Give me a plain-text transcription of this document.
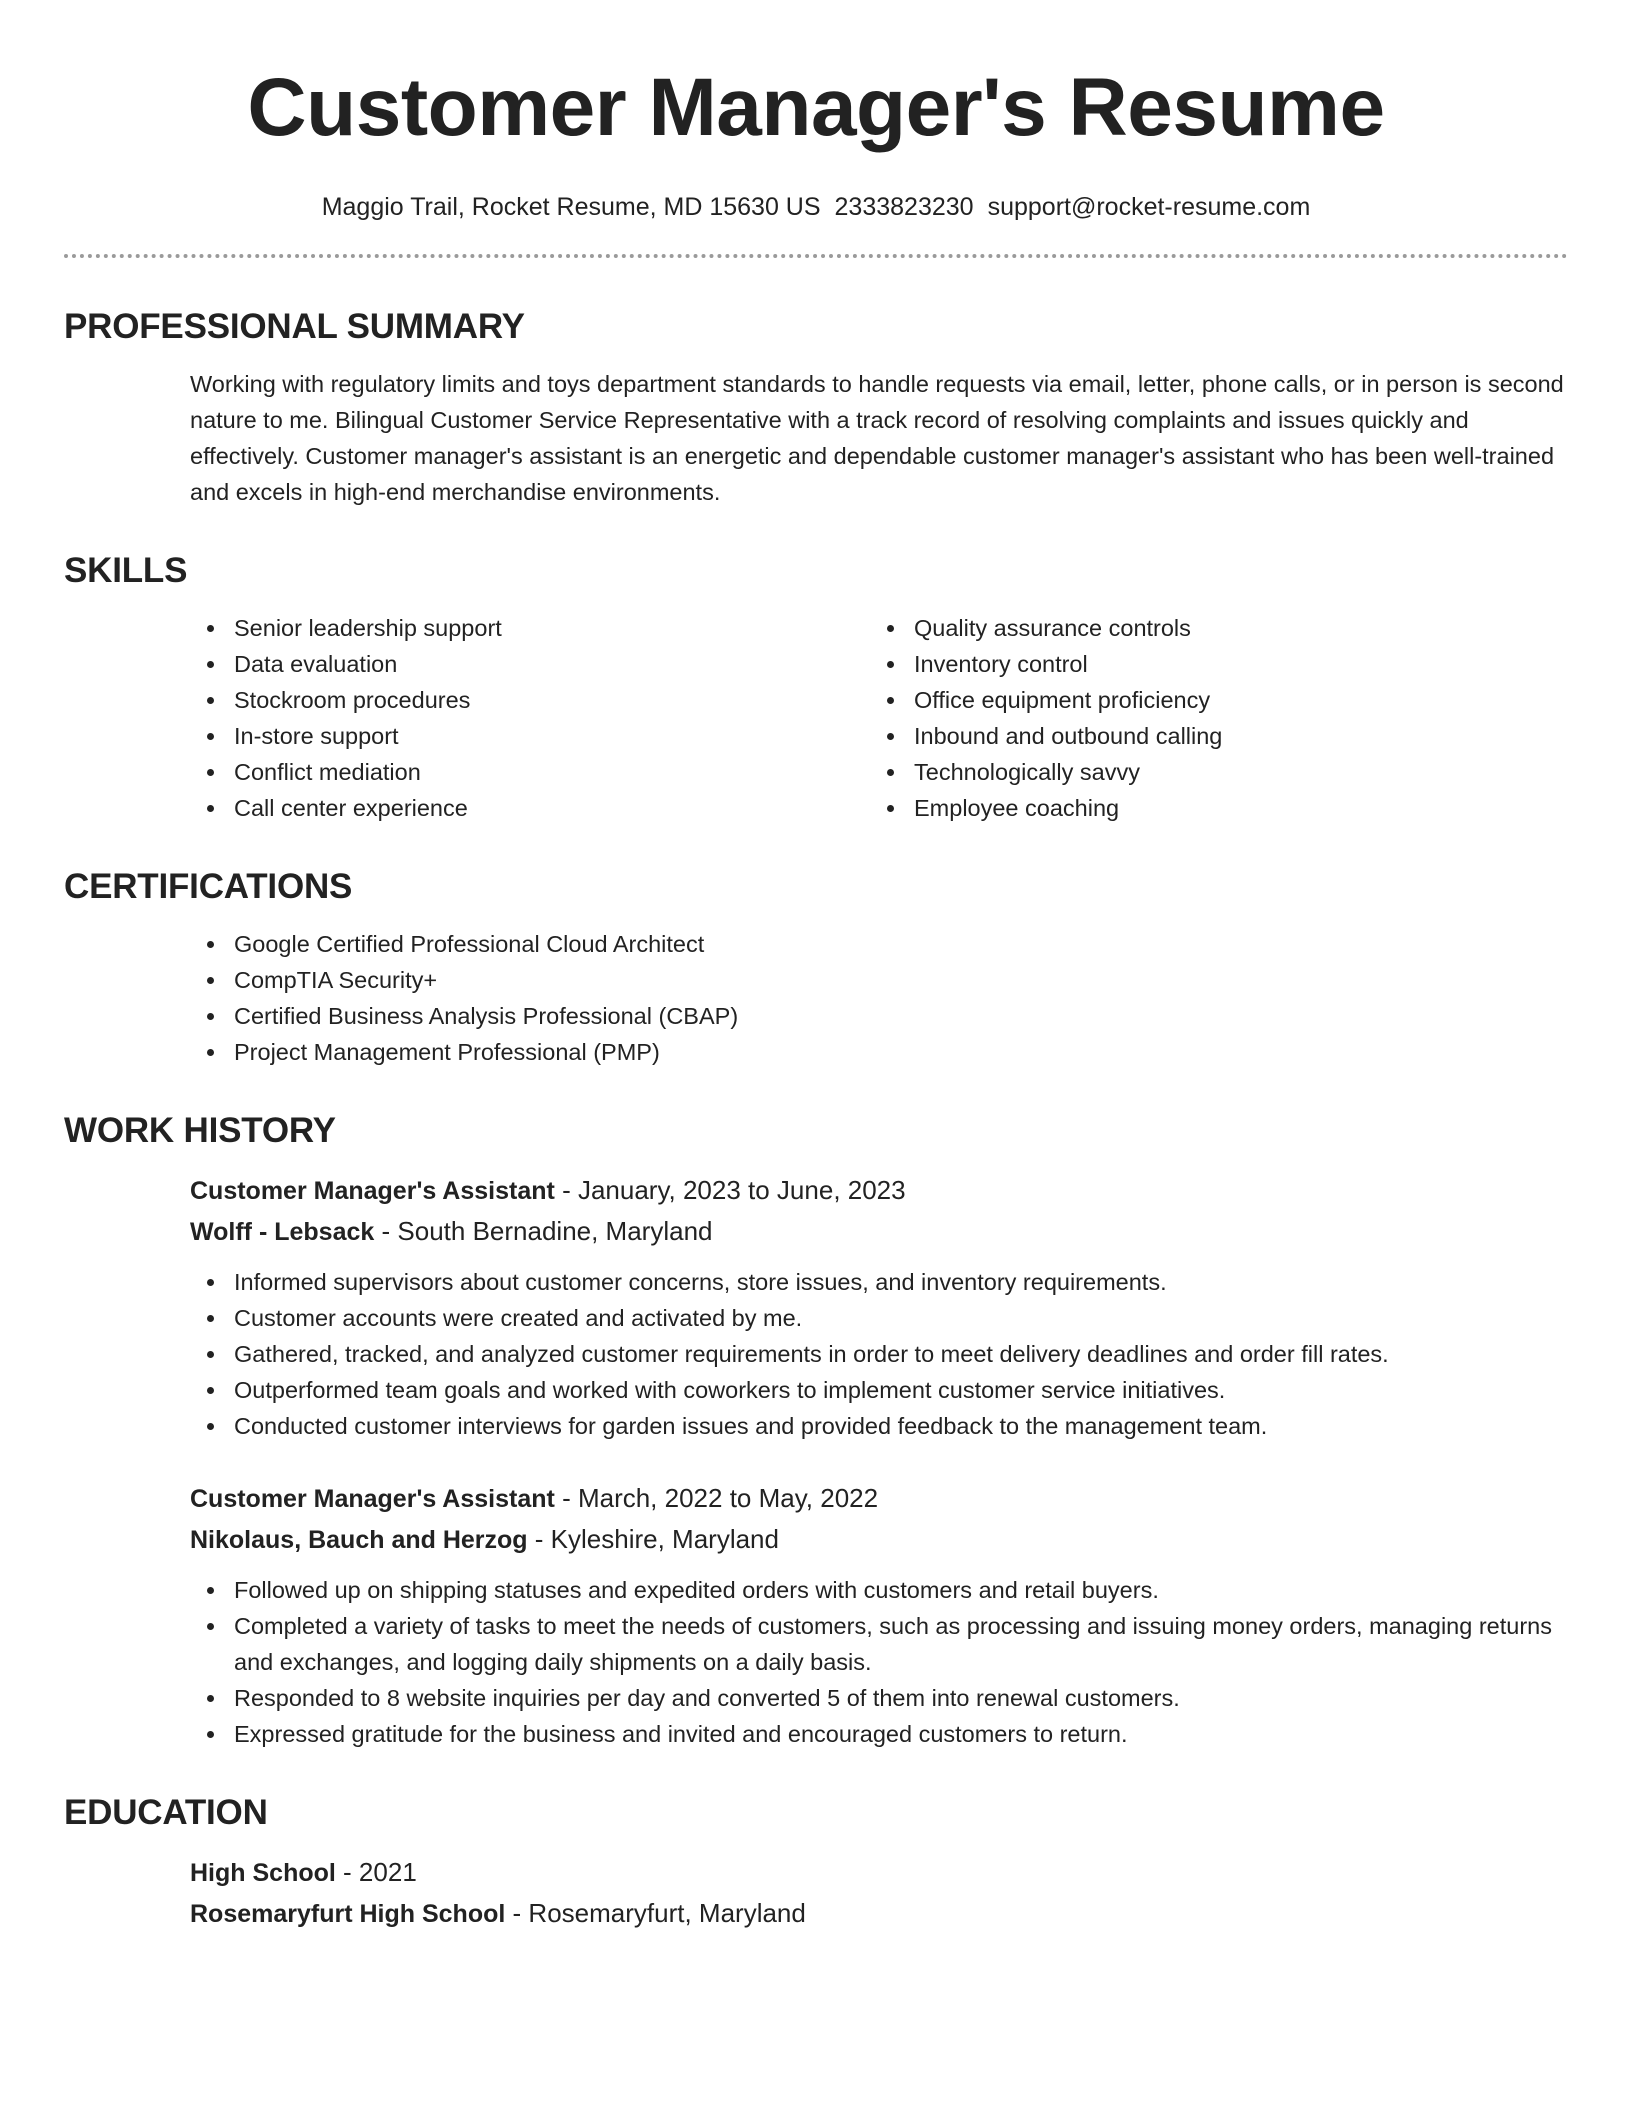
Customer Manager's Resume
Maggio Trail, Rocket Resume, MD 15630 US 2333823230 support@rocket-resume.com
PROFESSIONAL SUMMARY

Working with regulatory limits and toys department standards to handle requests via email, letter, phone calls, or in person is second nature to me. Bilingual Customer Service Representative with a track record of resolving complaints and issues quickly and effectively. Customer manager's assistant is an energetic and dependable customer manager's assistant who has been well-trained and excels in high-end merchandise environments.

SKILLS
Senior leadership support
Data evaluation
Stockroom procedures
In-store support
Conflict mediation
Call center experience
Quality assurance controls
Inventory control
Office equipment proficiency
Inbound and outbound calling
Technologically savvy
Employee coaching
CERTIFICATIONS
Google Certified Professional Cloud Architect
CompTIA Security+
Certified Business Analysis Professional (CBAP)
Project Management Professional (PMP)
WORK HISTORY
Customer Manager's Assistant - January, 2023 to June, 2023
Wolff - Lebsack - South Bernadine, Maryland
Informed supervisors about customer concerns, store issues, and inventory requirements.
Customer accounts were created and activated by me.
Gathered, tracked, and analyzed customer requirements in order to meet delivery deadlines and order fill rates.
Outperformed team goals and worked with coworkers to implement customer service initiatives.
Conducted customer interviews for garden issues and provided feedback to the management team.
Customer Manager's Assistant - March, 2022 to May, 2022
Nikolaus, Bauch and Herzog - Kyleshire, Maryland
Followed up on shipping statuses and expedited orders with customers and retail buyers.
Completed a variety of tasks to meet the needs of customers, such as processing and issuing money orders, managing returns and exchanges, and logging daily shipments on a daily basis.
Responded to 8 website inquiries per day and converted 5 of them into renewal customers.
Expressed gratitude for the business and invited and encouraged customers to return.
EDUCATION
High School - 2021
Rosemaryfurt High School - Rosemaryfurt, Maryland
